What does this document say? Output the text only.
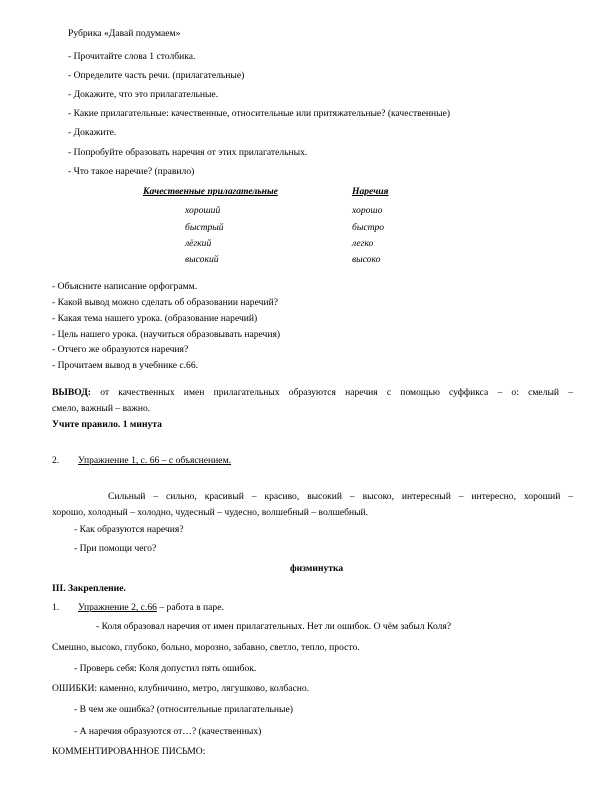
Рубрика «Давай подумаем»
- Прочитайте слова 1 столбика.
- Определите часть речи. (прилагательные)
- Докажите, что это прилагательные.
- Какие прилагательные: качественные, относительные или притяжательные? (качественные)
- Докажите.
- Попробуйте образовать наречия от этих прилагательных.
- Что такое наречие? (правило)
Качественные прилагательные	Наречия
хороший	хорошо
быстрый	быстро
лёгкий	легко
высокий	высоко
- Объясните написание орфограмм.
- Какой вывод можно сделать об образовании наречий?
- Какая тема нашего урока. (образование наречий)
- Цель нашего урока. (научиться образовывать наречия)
- Отчего же образуются наречия?
- Прочитаем вывод в учебнике с.66.
ВЫВОД: от качественных имен прилагательных образуются наречия с помощью суффикса – о: смелый –
смело, важный – важно.
Учите правило. 1 минута
2. Упражнение 1, с. 66 – с объяснением.
Сильный – сильно, красивый – красиво, высокий – высоко, интересный – интересно, хороший –
хорошо, холодный – холодно, чудесный – чудесно, волшебный – волшебный.
- Как образуются наречия?
- При помощи чего?
физминутка
III. Закрепление.
1. Упражнение 2, с.66 – работа в паре.
- Коля образовал наречия от имен прилагательных. Нет ли ошибок. О чём забыл Коля?
Смешно, высоко, глубоко, больно, морозно, забавно, светло, тепло, просто.
- Проверь себя: Коля допустил пять ошибок.
ОШИБКИ: каменно, клубничино, метро, лягушково, колбасно.
- В чем же ошибка? (относительные прилагательные)
- А наречия образуются от…? (качественных)
КОММЕНТИРОВАННОЕ ПИСЬМО:
